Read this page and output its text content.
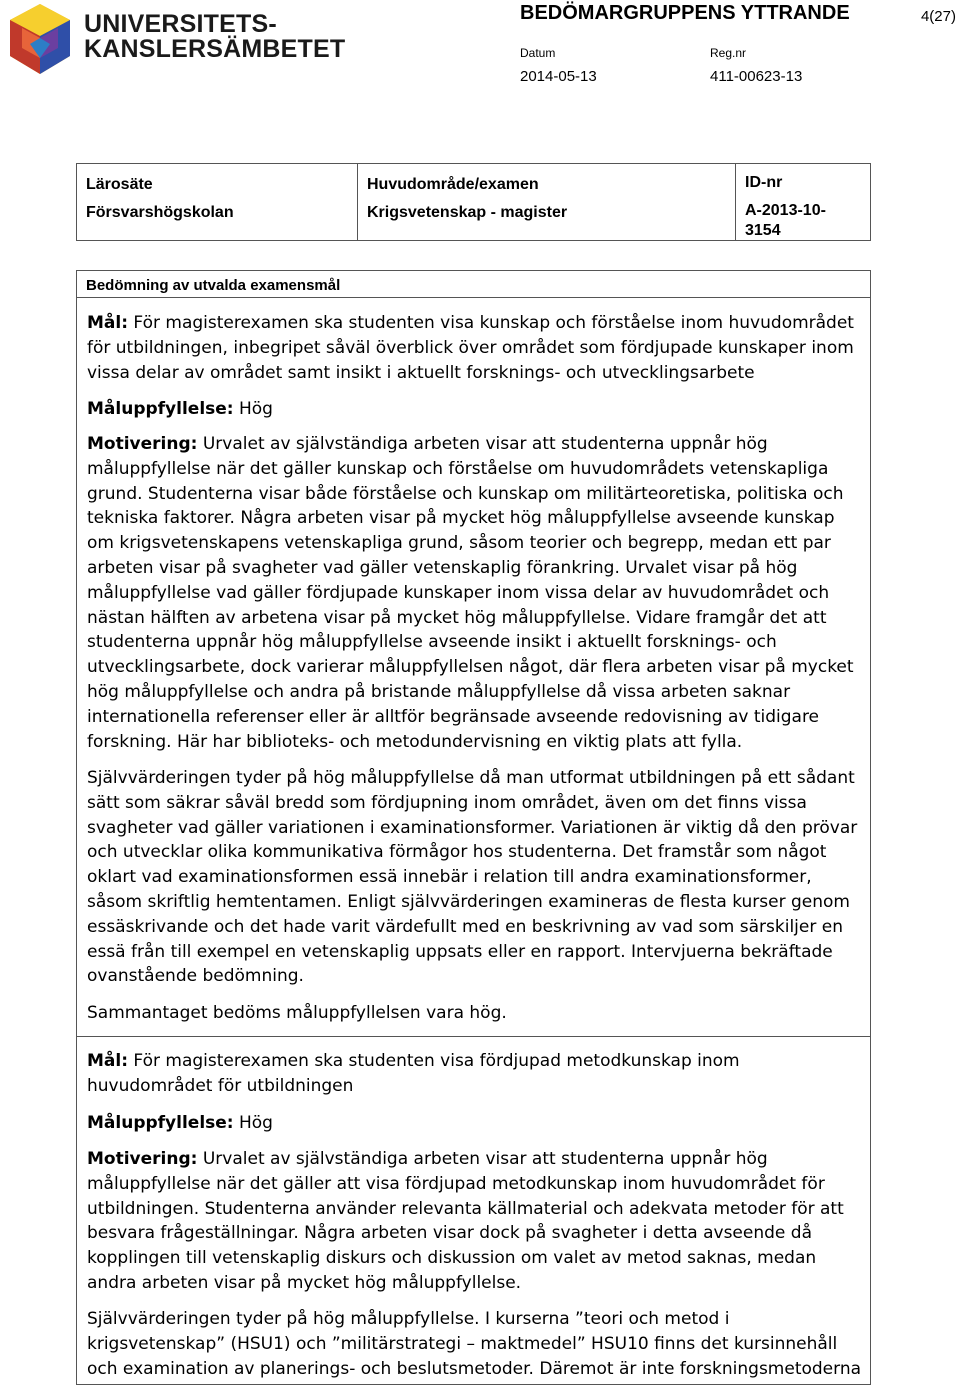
UNIVERSITETS-
KANSLERSÄMBETET
BEDÖMARGRUPPENS YTTRANDE	4(27)
Datum
2014-05-13
Reg.nr
411-00623-13
Lärosäte
Försvarshögskolan
Huvudområde/examen
Krigsvetenskap - magister
ID-nr
A-2013-10-
3154
Bedömning av utvalda examensmål

Mål: För magisterexamen ska studenten visa kunskap och förståelse inom huvudområdet för utbildningen, inbegripet såväl överblick över området som fördjupade kunskaper inom vissa delar av området samt insikt i aktuellt forsknings- och utvecklingsarbete

Måluppfyllelse: Hög

Motivering: Urvalet av självständiga arbeten visar att studenterna uppnår hög måluppfyllelse när det gäller kunskap och förståelse om huvudområdets vetenskapliga grund. Studenterna visar både förståelse och kunskap om militärteoretiska, politiska och tekniska faktorer. Några arbeten visar på mycket hög måluppfyllelse avseende kunskap om krigsvetenskapens vetenskapliga grund, såsom teorier och begrepp, medan ett par arbeten visar på svagheter vad gäller vetenskaplig förankring. Urvalet visar på hög måluppfyllelse vad gäller fördjupade kunskaper inom vissa delar av huvudområdet och nästan hälften av arbetena visar på mycket hög måluppfyllelse. Vidare framgår det att studenterna uppnår hög måluppfyllelse avseende insikt i aktuellt forsknings- och utvecklingsarbete, dock varierar måluppfyllelsen något, där flera arbeten visar på mycket hög måluppfyllelse och andra på bristande måluppfyllelse då vissa arbeten saknar internationella referenser eller är alltför begränsade avseende redovisning av tidigare forskning. Här har biblioteks- och metodundervisning en viktig plats att fylla.

Självvärderingen tyder på hög måluppfyllelse då man utformat utbildningen på ett sådant sätt som säkrar såväl bredd som fördjupning inom området, även om det finns vissa svagheter vad gäller variationen i examinationsformer. Variationen är viktig då den prövar och utvecklar olika kommunikativa förmågor hos studenterna. Det framstår som något oklart vad examinationsformen essä innebär i relation till andra examinationsformer, såsom skriftlig hemtentamen. Enligt självvärderingen examineras de flesta kurser genom essäskrivande och det hade varit värdefullt med en beskrivning av vad som särskiljer en essä från till exempel en vetenskaplig uppsats eller en rapport. Intervjuerna bekräftade ovanstående bedömning.

Sammantaget bedöms måluppfyllelsen vara hög.

Mål: För magisterexamen ska studenten visa fördjupad metodkunskap inom huvudområdet för utbildningen

Måluppfyllelse: Hög

Motivering: Urvalet av självständiga arbeten visar att studenterna uppnår hög måluppfyllelse när det gäller att visa fördjupad metodkunskap inom huvudområdet för utbildningen. Studenterna använder relevanta källmaterial och adekvata metoder för att besvara frågeställningar. Några arbeten visar dock på svagheter i detta avseende då kopplingen till vetenskaplig diskurs och diskussion om valet av metod saknas, medan andra arbeten visar på mycket hög måluppfyllelse.

Självvärderingen tyder på hög måluppfyllelse. I kurserna ”teori och metod i krigsvetenskap” (HSU1) och ”militärstrategi – maktmedel” HSU10 finns det kursinnehåll och examination av planerings- och beslutsmetoder. Däremot är inte forskningsmetoderna
